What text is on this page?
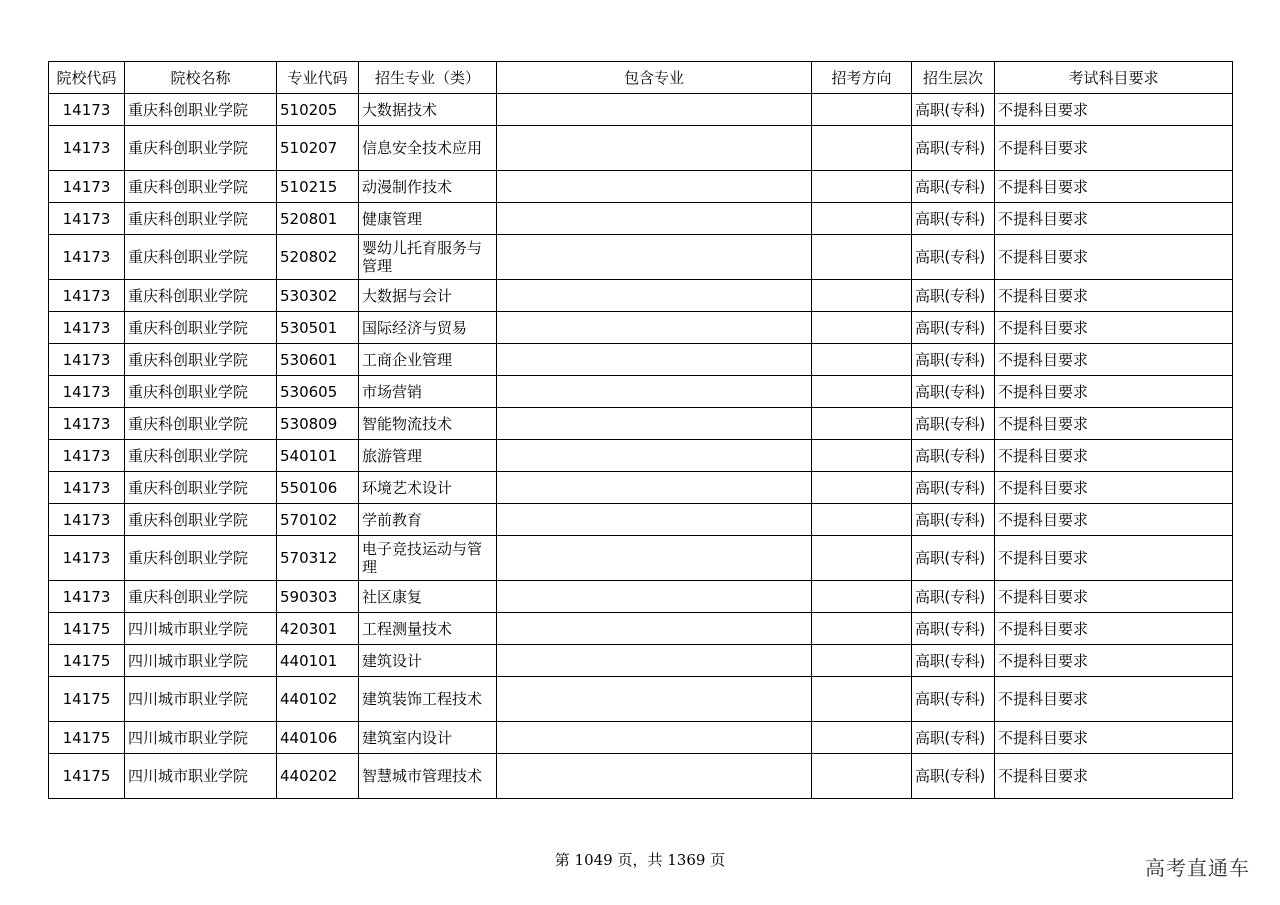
院校代码	院校名称	专业代码	招生专业（类）	包含专业	招考方向	招生层次	考试科目要求
14173	重庆科创职业学院	510205	大数据技术			高职(专科)	不提科目要求
14173	重庆科创职业学院	510207	信息安全技术应用			高职(专科)	不提科目要求
14173	重庆科创职业学院	510215	动漫制作技术			高职(专科)	不提科目要求
14173	重庆科创职业学院	520801	健康管理			高职(专科)	不提科目要求
14173	重庆科创职业学院	520802	婴幼儿托育服务与管理			高职(专科)	不提科目要求
14173	重庆科创职业学院	530302	大数据与会计			高职(专科)	不提科目要求
14173	重庆科创职业学院	530501	国际经济与贸易			高职(专科)	不提科目要求
14173	重庆科创职业学院	530601	工商企业管理			高职(专科)	不提科目要求
14173	重庆科创职业学院	530605	市场营销			高职(专科)	不提科目要求
14173	重庆科创职业学院	530809	智能物流技术			高职(专科)	不提科目要求
14173	重庆科创职业学院	540101	旅游管理			高职(专科)	不提科目要求
14173	重庆科创职业学院	550106	环境艺术设计			高职(专科)	不提科目要求
14173	重庆科创职业学院	570102	学前教育			高职(专科)	不提科目要求
14173	重庆科创职业学院	570312	电子竞技运动与管理			高职(专科)	不提科目要求
14173	重庆科创职业学院	590303	社区康复			高职(专科)	不提科目要求
14175	四川城市职业学院	420301	工程测量技术			高职(专科)	不提科目要求
14175	四川城市职业学院	440101	建筑设计			高职(专科)	不提科目要求
14175	四川城市职业学院	440102	建筑装饰工程技术			高职(专科)	不提科目要求
14175	四川城市职业学院	440106	建筑室内设计			高职(专科)	不提科目要求
14175	四川城市职业学院	440202	智慧城市管理技术			高职(专科)	不提科目要求
第 1049 页，共 1369 页	高考直通车
